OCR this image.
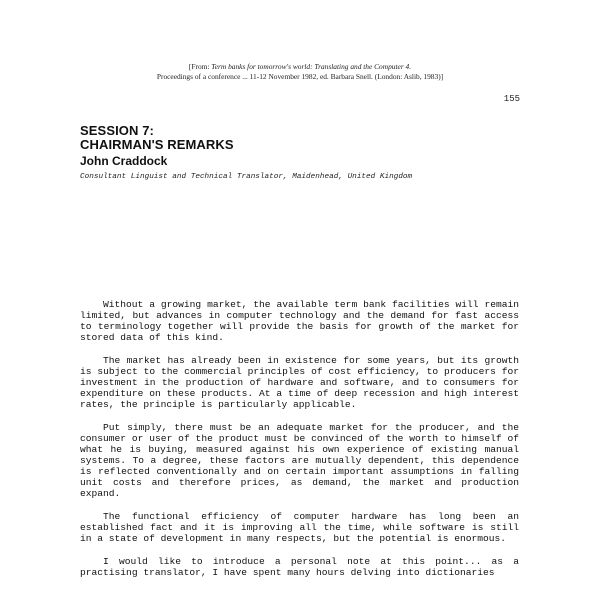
[From: Term banks for tomorrow's world: Translating and the Computer 4.
Proceedings of a conference ... 11-12 November 1982, ed. Barbara Snell. (London: Aslib, 1983)]
155
SESSION 7:
CHAIRMAN'S REMARKS
John Craddock
Consultant Linguist and Technical Translator, Maidenhead, United Kingdom

Without a growing market, the available term bank facilities will remain limited, but advances in computer technology and the demand for fast access to terminology together will provide the basis for growth of the market for stored data of this kind.

The market has already been in existence for some years, but its growth is subject to the commercial principles of cost efficiency, to producers for investment in the production of hardware and software, and to consumers for expenditure on these products. At a time of deep recession and high interest rates, the principle is particularly applicable.

Put simply, there must be an adequate market for the producer, and the consumer or user of the product must be convinced of the worth to himself of what he is buying, measured against his own experience of existing manual systems. To a degree, these factors are mutually dependent, this dependence is reflected conventionally and on certain important assumptions in falling unit costs and therefore prices, as demand, the market and production expand.

The functional efficiency of computer hardware has long been an established fact and it is improving all the time, while software is still in a state of development in many respects, but the potential is enormous.

I would like to introduce a personal note at this point... as a practising translator, I have spent many hours delving into dictionaries
